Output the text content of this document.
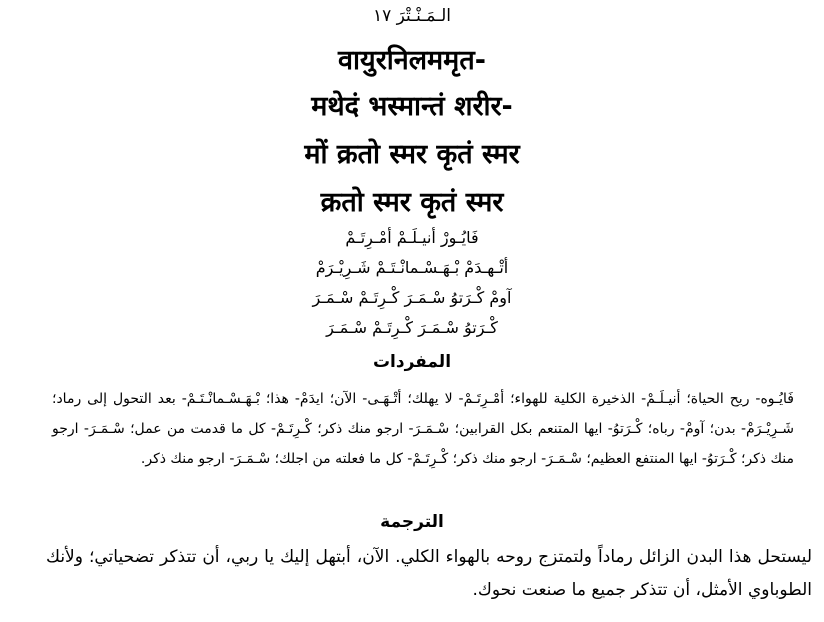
الـمَـنْـتْرَ ١٧
वायुरनिलममृत-
मथेदं भस्मान्तं शरीर-
मों क्रतो स्मर कृतं स्मर
क्रतो स्मर कृतं स्मर
فَايُـورْ أنيـلَـمْ أمْـرِتَـمْ
أتْـهـدَمْ بْـهَـسْـمانْـتَـمْ شَـرِيْـرَمْ
آومْ كْـرَتوُ سْـمَـرَ كْـرِتَـمْ سْـمَـرَ
كْـرَتوُ سْـمَـرَ كْـرِتَـمْ سْـمَـرَ
المفردات
فَايُـوه- ريح الحياة؛ أنيـلَـمْ- الذخيرة الكلية للهواء؛ أمْـرِتَـمْ- لا يهلك؛ أتْـهَـى- الآن؛ ايدَمْ- هذا؛ بْـهَـسْـمانْـتَـمْ- بعد التحول إلى رماد؛ شَـرِيْـرَمْ- بدن؛ آومْ- رباه؛ كْـرَتوُ- ايها المتنعم بكل القرابين؛ سْـمَـرَ- ارجو منك ذكر؛ كْـرِتَـمْ- كل ما قدمت من عمل؛ سْـمَـرَ- ارجو منك ذكر؛ كْـرَتوُ- ايها المنتفع العظيم؛ سْـمَـرَ- ارجو منك ذكر؛ كْـرِتَـمْ- كل ما فعلته من اجلك؛ سْـمَـرَ- ارجو منك ذكر.
الترجمة
ليستحل هذا البدن الزائل رماداً ولتمتزج روحه بالهواء الكلي. الآن، أبتهل إليك يا ربي، أن تتذكر تضحياتي؛ ولأنك الطوباوي الأمثل، أن تتذكر جميع ما صنعت نحوك.
